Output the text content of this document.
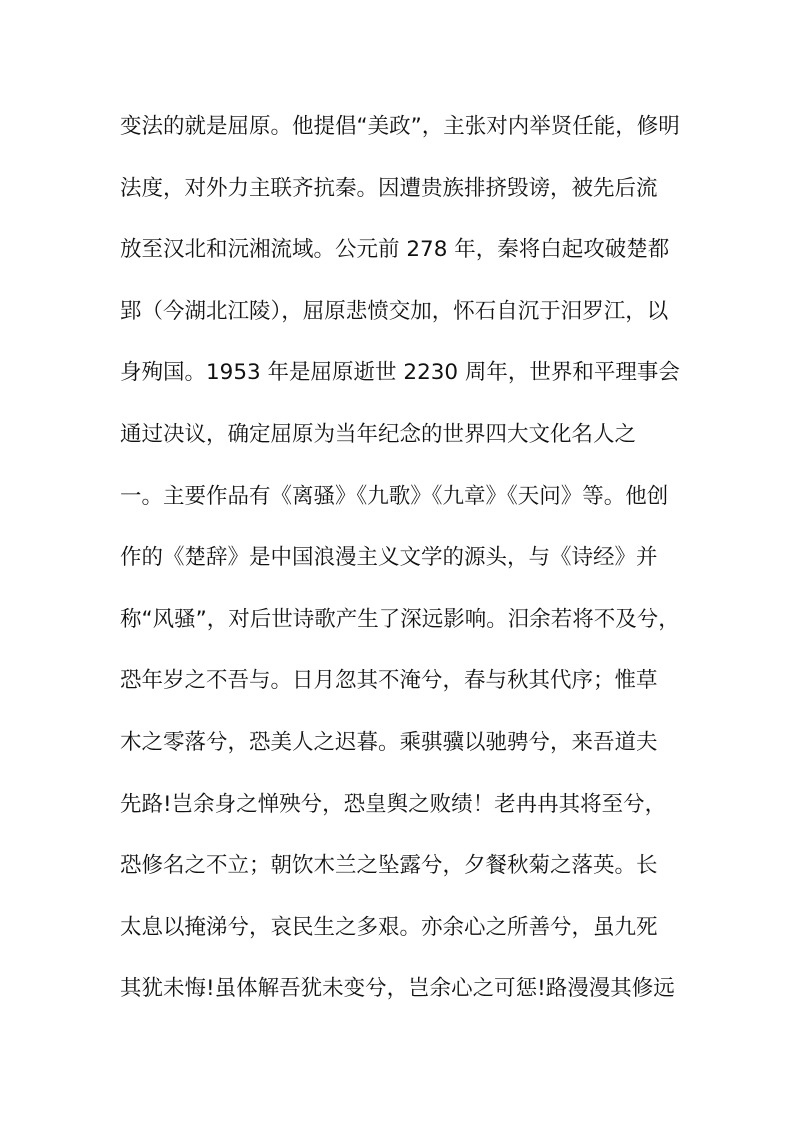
变法的就是屈原。他提倡“美政”，主张对内举贤任能，修明
法度，对外力主联齐抗秦。因遭贵族排挤毁谤，被先后流
放至汉北和沅湘流域。公元前 278 年，秦将白起攻破楚都
郢（今湖北江陵），屈原悲愤交加，怀石自沉于汨罗江，以
身殉国。1953 年是屈原逝世 2230 周年，世界和平理事会
通过决议，确定屈原为当年纪念的世界四大文化名人之
一。主要作品有《离骚》《九歌》《九章》《天问》等。他创
作的《楚辞》是中国浪漫主义文学的源头，与《诗经》并
称“风骚”，对后世诗歌产生了深远影响。汨余若将不及兮，
恐年岁之不吾与。日月忽其不淹兮，春与秋其代序；惟草
木之零落兮，恐美人之迟暮。乘骐骥以驰骋兮，来吾道夫
先路!岂余身之惮殃兮，恐皇舆之败绩！老冉冉其将至兮，
恐修名之不立；朝饮木兰之坠露兮，夕餐秋菊之落英。长
太息以掩涕兮，哀民生之多艰。亦余心之所善兮，虽九死
其犹未悔!虽体解吾犹未变兮，岂余心之可惩!路漫漫其修远
